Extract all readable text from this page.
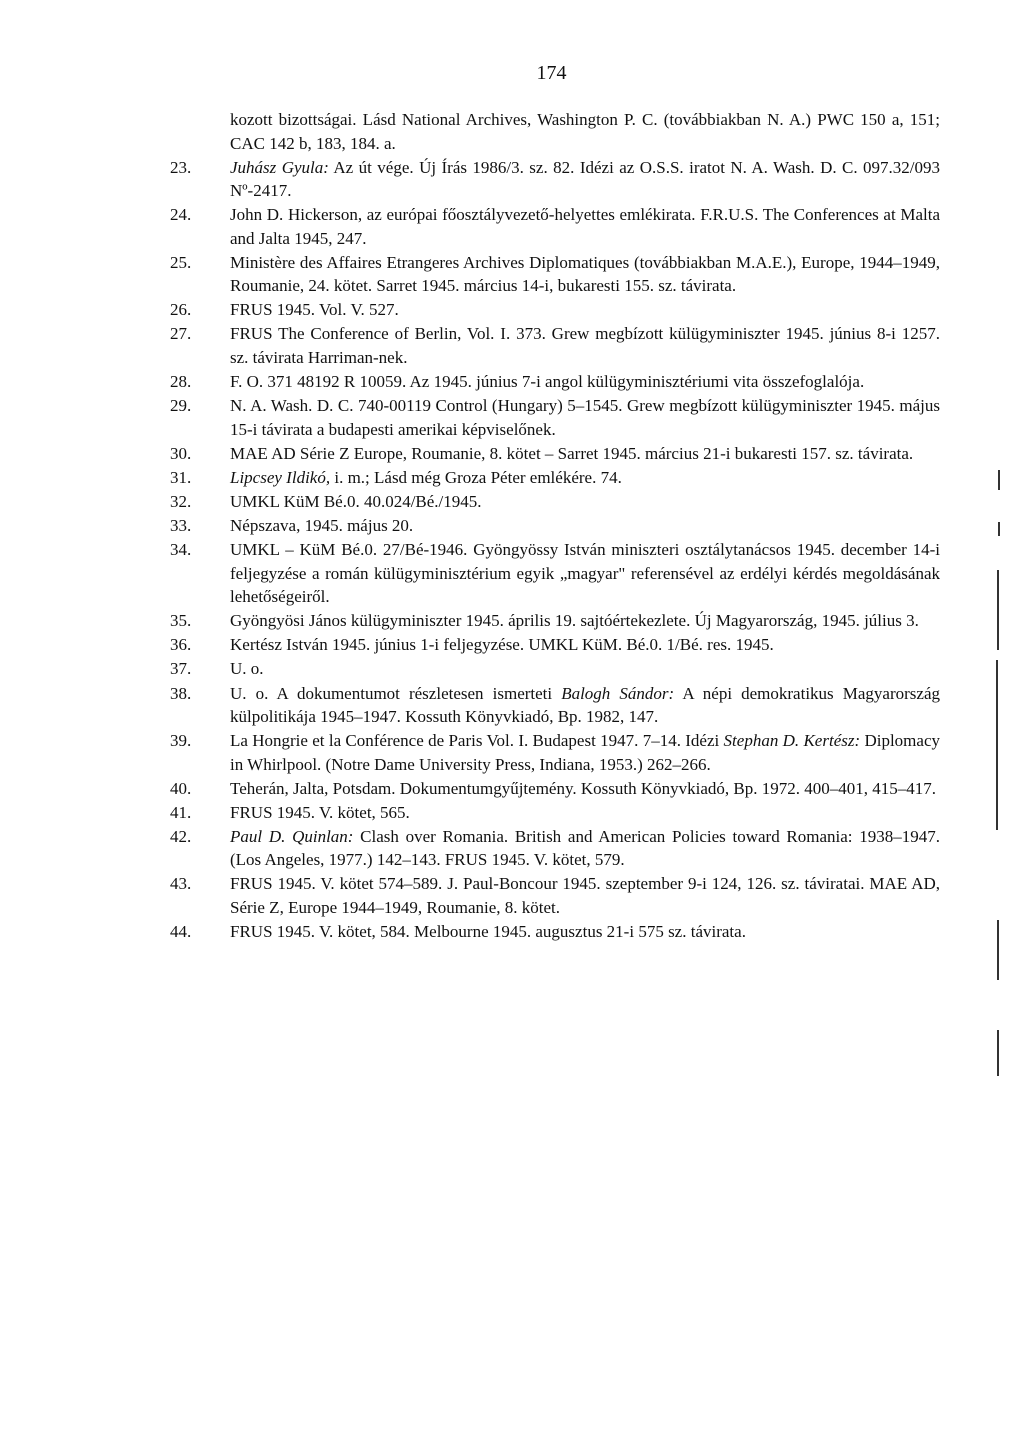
174
kozott bizottságai. Lásd National Archives, Washington P. C. (továbbiakban N. A.) PWC 150 a, 151; CAC 142 b, 183, 184. a.
23.	Juhász Gyula: Az út vége. Új Írás 1986/3. sz. 82. Idézi az O.S.S. iratot N. A. Wash. D. C. 097.32/093 Nº-2417.
24.	John D. Hickerson, az európai főosztályvezető-helyettes emlékirata. F.R.U.S. The Conferences at Malta and Jalta 1945, 247.
25.	Ministère des Affaires Etrangeres Archives Diplomatiques (továbbiakban M.A.E.), Europe, 1944–1949, Roumanie, 24. kötet. Sarret 1945. március 14-i, bukaresti 155. sz. távirata.
26.	FRUS 1945. Vol. V. 527.
27.	FRUS The Conference of Berlin, Vol. I. 373. Grew megbízott külügyminiszter 1945. június 8-i 1257. sz. távirata Harriman-nek.
28.	F. O. 371 48192 R 10059. Az 1945. június 7-i angol külügyminisztériumi vita összefoglalója.
29.	N. A. Wash. D. C. 740-00119 Control (Hungary) 5–1545. Grew megbízott külügyminiszter 1945. május 15-i távirata a budapesti amerikai képviselőnek.
30.	MAE AD Série Z Europe, Roumanie, 8. kötet – Sarret 1945. március 21-i bukaresti 157. sz. távirata.
31.	Lipcsey Ildikó, i. m.; Lásd még Groza Péter emlékére. 74.
32.	UMKL KüM Bé.0. 40.024/Bé./1945.
33.	Népszava, 1945. május 20.
34.	UMKL – KüM Bé.0. 27/Bé-1946. Gyöngyössy István miniszteri osztálytanácsos 1945. december 14-i feljegyzése a román külügyminisztérium egyik „magyar" referensével az erdélyi kérdés megoldásának lehetőségeiről.
35.	Gyöngyösi János külügyminiszter 1945. április 19. sajtóértekezlete. Új Magyarország, 1945. július 3.
36.	Kertész István 1945. június 1-i feljegyzése. UMKL KüM. Bé.0. 1/Bé. res. 1945.
37.	U. o.
38.	U. o. A dokumentumot részletesen ismerteti Balogh Sándor: A népi demokratikus Magyarország külpolitikája 1945–1947. Kossuth Könyvkiadó, Bp. 1982, 147.
39.	La Hongrie et la Conférence de Paris Vol. I. Budapest 1947. 7–14. Idézi Stephan D. Kertész: Diplomacy in Whirlpool. (Notre Dame University Press, Indiana, 1953.) 262–266.
40.	Teherán, Jalta, Potsdam. Dokumentumgyűjtemény. Kossuth Könyvkiadó, Bp. 1972. 400–401, 415–417.
41.	FRUS 1945. V. kötet, 565.
42.	Paul D. Quinlan: Clash over Romania. British and American Policies toward Romania: 1938–1947. (Los Angeles, 1977.) 142–143. FRUS 1945. V. kötet, 579.
43.	FRUS 1945. V. kötet 574–589. J. Paul-Boncour 1945. szeptember 9-i 124, 126. sz. táviratai. MAE AD, Série Z, Europe 1944–1949, Roumanie, 8. kötet.
44.	FRUS 1945. V. kötet, 584. Melbourne 1945. augusztus 21-i 575 sz. távirata.
